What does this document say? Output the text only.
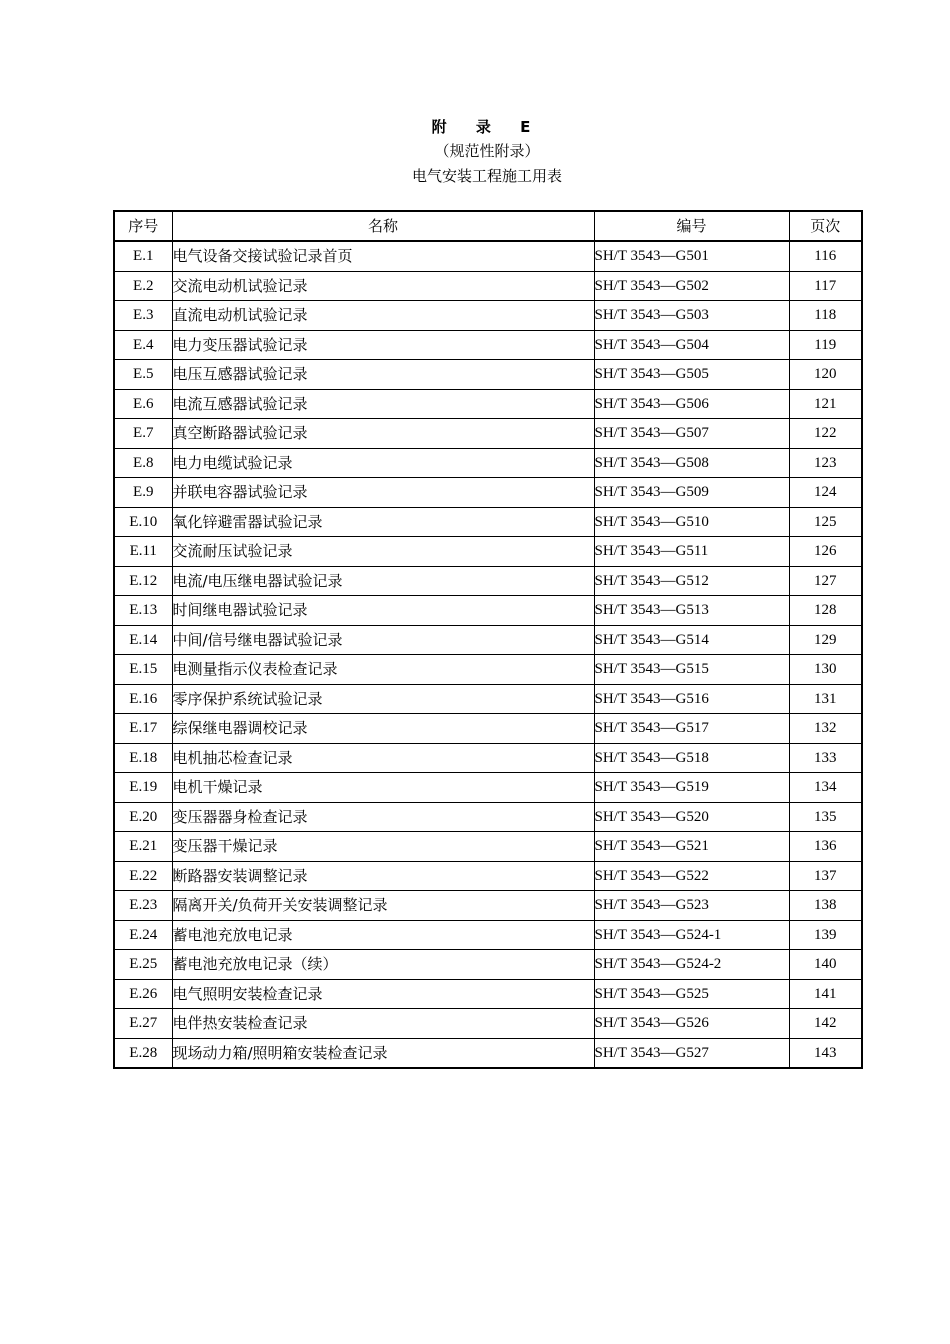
附 录 E
（规范性附录）
电气安装工程施工用表
序号	名称	编号	页次
E.1	电气设备交接试验记录首页	SH/T 3543—G501	116
E.2	交流电动机试验记录	SH/T 3543—G502	117
E.3	直流电动机试验记录	SH/T 3543—G503	118
E.4	电力变压器试验记录	SH/T 3543—G504	119
E.5	电压互感器试验记录	SH/T 3543—G505	120
E.6	电流互感器试验记录	SH/T 3543—G506	121
E.7	真空断路器试验记录	SH/T 3543—G507	122
E.8	电力电缆试验记录	SH/T 3543—G508	123
E.9	并联电容器试验记录	SH/T 3543—G509	124
E.10	氧化锌避雷器试验记录	SH/T 3543—G510	125
E.11	交流耐压试验记录	SH/T 3543—G511	126
E.12	电流/电压继电器试验记录	SH/T 3543—G512	127
E.13	时间继电器试验记录	SH/T 3543—G513	128
E.14	中间/信号继电器试验记录	SH/T 3543—G514	129
E.15	电测量指示仪表检查记录	SH/T 3543—G515	130
E.16	零序保护系统试验记录	SH/T 3543—G516	131
E.17	综保继电器调校记录	SH/T 3543—G517	132
E.18	电机抽芯检查记录	SH/T 3543—G518	133
E.19	电机干燥记录	SH/T 3543—G519	134
E.20	变压器器身检查记录	SH/T 3543—G520	135
E.21	变压器干燥记录	SH/T 3543—G521	136
E.22	断路器安装调整记录	SH/T 3543—G522	137
E.23	隔离开关/负荷开关安装调整记录	SH/T 3543—G523	138
E.24	蓄电池充放电记录	SH/T 3543—G524-1	139
E.25	蓄电池充放电记录（续）	SH/T 3543—G524-2	140
E.26	电气照明安装检查记录	SH/T 3543—G525	141
E.27	电伴热安装检查记录	SH/T 3543—G526	142
E.28	现场动力箱/照明箱安装检查记录	SH/T 3543—G527	143
